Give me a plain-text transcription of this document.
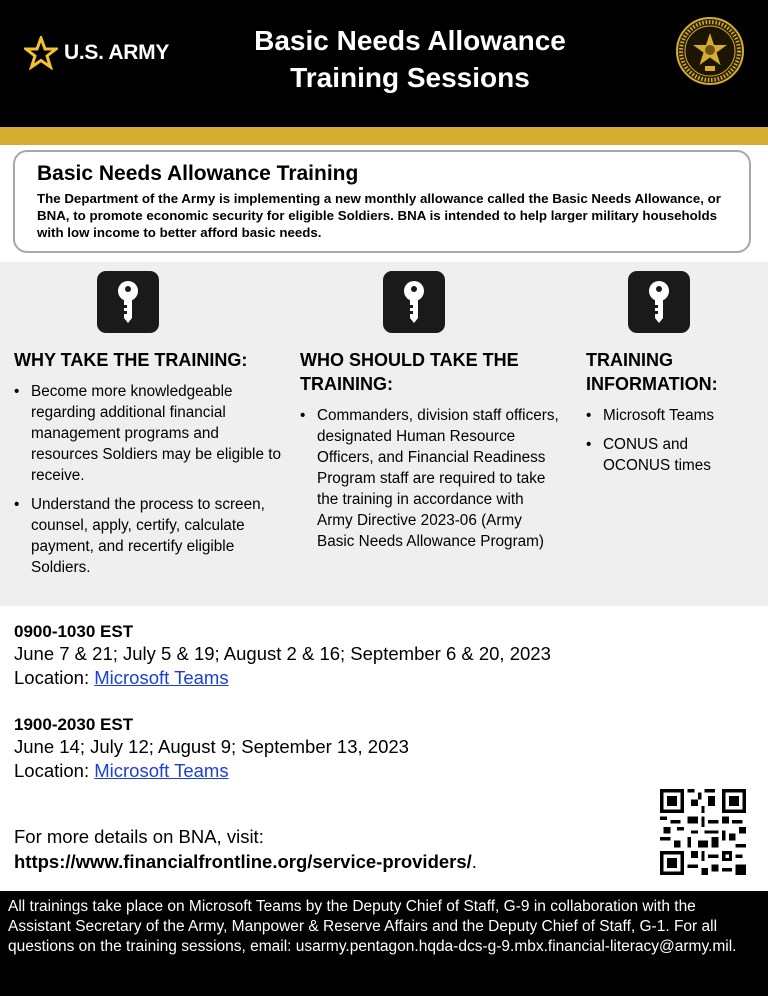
U.S. ARMY	Basic Needs Allowance
Training Sessions
Basic Needs Allowance Training
The Department of the Army is implementing a new monthly allowance called the Basic Needs Allowance, or BNA, to promote economic security for eligible Soldiers. BNA is intended to help larger military households with low income to better afford basic needs.
WHY TAKE THE TRAINING:
• Become more knowledgeable regarding additional financial management programs and resources Soldiers may be eligible to receive.
• Understand the process to screen, counsel, apply, certify, calculate payment, and recertify eligible Soldiers.
WHO SHOULD TAKE THE TRAINING:
• Commanders, division staff officers, designated Human Resource Officers, and Financial Readiness Program staff are required to take the training in accordance with Army Directive 2023-06 (Army Basic Needs Allowance Program)
TRAINING INFORMATION:
• Microsoft Teams
• CONUS and OCONUS times
0900-1030 EST
June 7 & 21; July 5 & 19; August 2 & 16; September 6 & 20, 2023
Location: Microsoft Teams
1900-2030 EST
June 14; July 12; August 9; September 13, 2023
Location: Microsoft Teams
For more details on BNA, visit:
https://www.financialfrontline.org/service-providers/.
All trainings take place on Microsoft Teams by the Deputy Chief of Staff, G-9 in collaboration with the Assistant Secretary of the Army, Manpower & Reserve Affairs and the Deputy Chief of Staff, G-1. For all questions on the training sessions, email: usarmy.pentagon.hqda-dcs-g-9.mbx.financial-literacy@army.mil.
